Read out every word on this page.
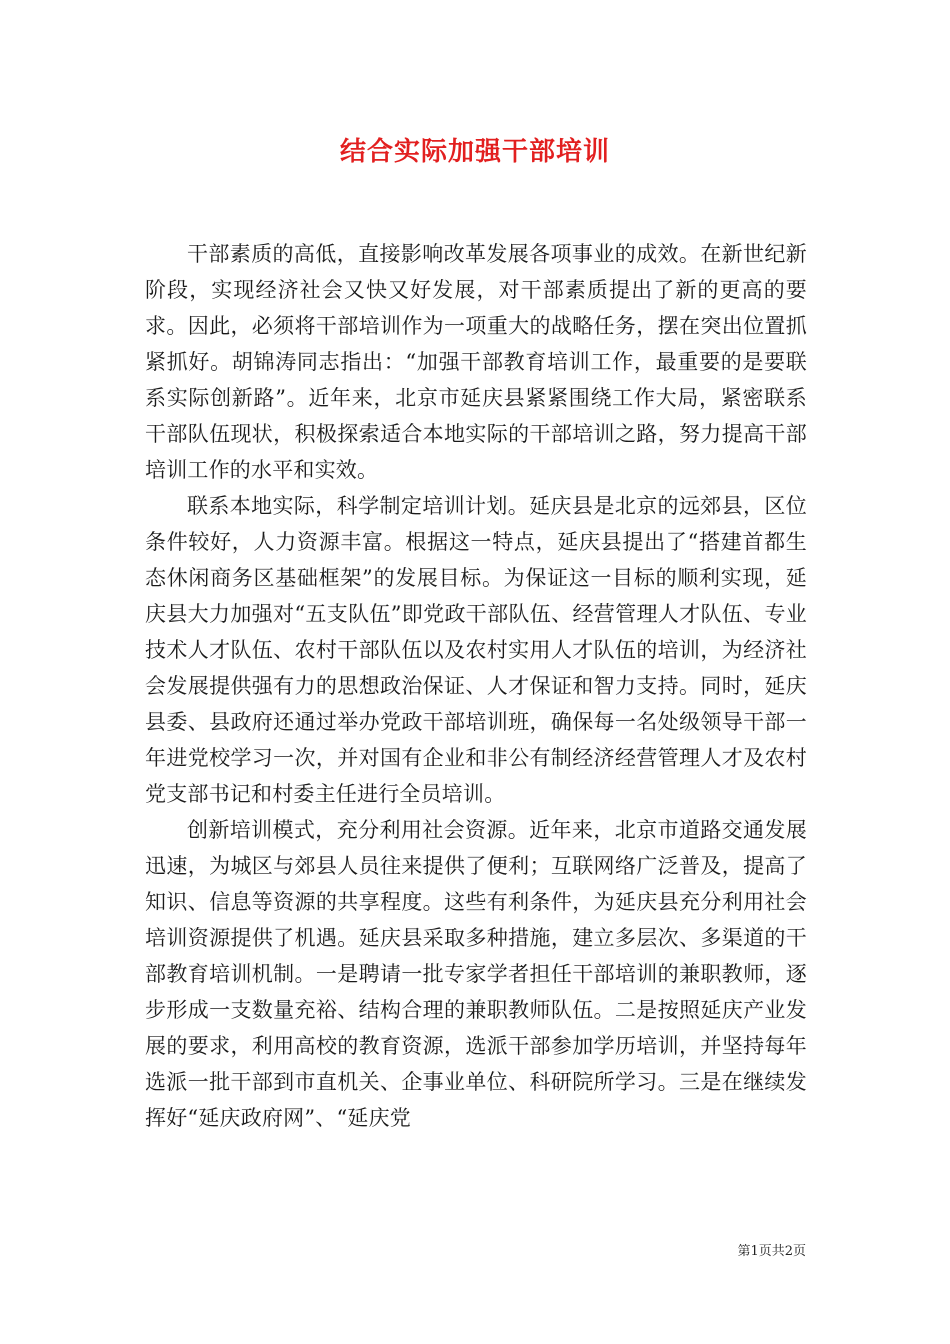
结合实际加强干部培训

干部素质的高低，直接影响改革发展各项事业的成效。在新世纪新阶段，实现经济社会又快又好发展，对干部素质提出了新的更高的要求。因此，必须将干部培训作为一项重大的战略任务，摆在突出位置抓紧抓好。胡锦涛同志指出：“加强干部教育培训工作，最重要的是要联系实际创新路”。近年来，北京市延庆县紧紧围绕工作大局，紧密联系干部队伍现状，积极探索适合本地实际的干部培训之路，努力提高干部培训工作的水平和实效。

联系本地实际，科学制定培训计划。延庆县是北京的远郊县，区位条件较好，人力资源丰富。根据这一特点，延庆县提出了“搭建首都生态休闲商务区基础框架”的发展目标。为保证这一目标的顺利实现，延庆县大力加强对“五支队伍”即党政干部队伍、经营管理人才队伍、专业技术人才队伍、农村干部队伍以及农村实用人才队伍的培训，为经济社会发展提供强有力的思想政治保证、人才保证和智力支持。同时，延庆县委、县政府还通过举办党政干部培训班，确保每一名处级领导干部一年进党校学习一次，并对国有企业和非公有制经济经营管理人才及农村党支部书记和村委主任进行全员培训。

创新培训模式，充分利用社会资源。近年来，北京市道路交通发展迅速，为城区与郊县人员往来提供了便利；互联网络广泛普及，提高了知识、信息等资源的共享程度。这些有利条件，为延庆县充分利用社会培训资源提供了机遇。延庆县采取多种措施，建立多层次、多渠道的干部教育培训机制。一是聘请一批专家学者担任干部培训的兼职教师，逐步形成一支数量充裕、结构合理的兼职教师队伍。二是按照延庆产业发展的要求，利用高校的教育资源，选派干部参加学历培训，并坚持每年选派一批干部到市直机关、企事业单位、科研院所学习。三是在继续发挥好“延庆政府网”、“延庆党

第1页共2页
